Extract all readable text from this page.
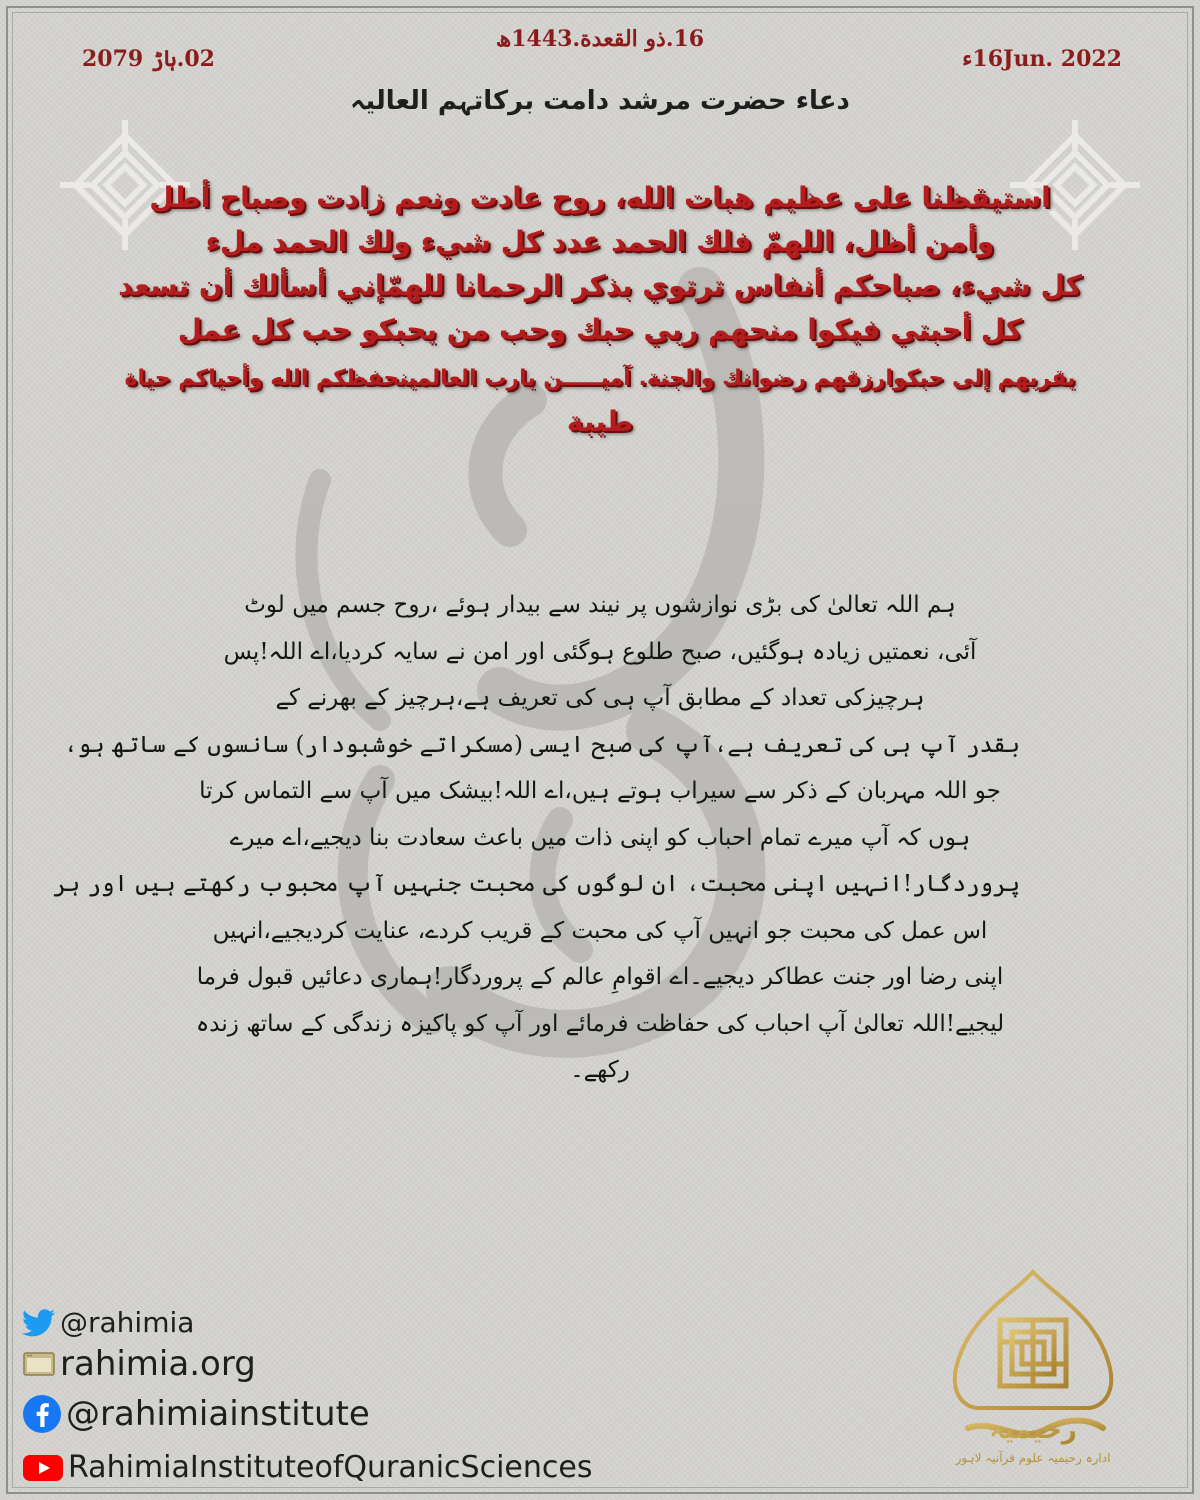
16.ذو القعدة.1443ھ
02.ہاڑ 2079	16Jun. 2022ء
دعاء حضرت مرشد دامت برکاتہم العالیہ
استيقظنا على عظيم هبات الله، روح عادت ونعم زادت وصباح أطل
وأمن أظل، اللهمّ فلك الحمد عدد كل شيء ولك الحمد ملء
كل شيء، صباحكم أنفاس ترتوي بذكر الرحمانا للهمّإني أسألك أن تسعد
كل أحبتي فيكوا منحهم ربي حبك وحب من يحبكو حب كل عمل
يقربهم إلى حبكوارزقهم رضوانك والجنة. آميـــــن يارب العالمينحفظكم الله وأحياكم حياة
طيبة
ہم اللہ تعالیٰ کی بڑی نوازشوں پر نیند سے بیدار ہوئے ،روح جسم میں لوٹ
آئی، نعمتیں زیادہ ہوگئیں، صبح طلوع ہوگئی اور امن نے سایہ کردیا،اے اللہ!پس
ہرچیزکی تعداد کے مطابق آپ ہی کی تعریف ہے،ہرچیز کے بھرنے کے
بقدر آپ ہی کی تعریف ہے،آپ کی صبح ایسی (مسکراتے خوشبودار) سانسوں کے ساتھ ہو،
جو اللہ مہربان کے ذکر سے سیراب ہوتے ہیں،اے اللہ!بیشک میں آپ سے التماس کرتا
ہوں کہ آپ میرے تمام احباب کو اپنی ذات میں باعث سعادت بنا دیجیے،اے میرے
پروردگار!انہیں اپنی محبت، ان لوگوں کی محبت جنہیں آپ محبوب رکھتے ہیں اور ہر
اس عمل کی محبت جو انہیں آپ کی محبت کے قریب کردے، عنایت کردیجیے،انہیں
اپنی رضا اور جنت عطاکر دیجیے۔اے اقوامِ عالم کے پروردگار!ہماری دعائیں قبول فرما
لیجیے!اللہ تعالیٰ آپ احباب کی حفاظت فرمائے اور آپ کو پاکیزہ زندگی کے ساتھ زندہ
رکھے۔
@rahimia
rahimia.org
@rahimiainstitute
RahimiaInstituteofQuranicSciences
رحیمیہ
ادارہ رحیمیہ علوم قرآنیہ لاہور
